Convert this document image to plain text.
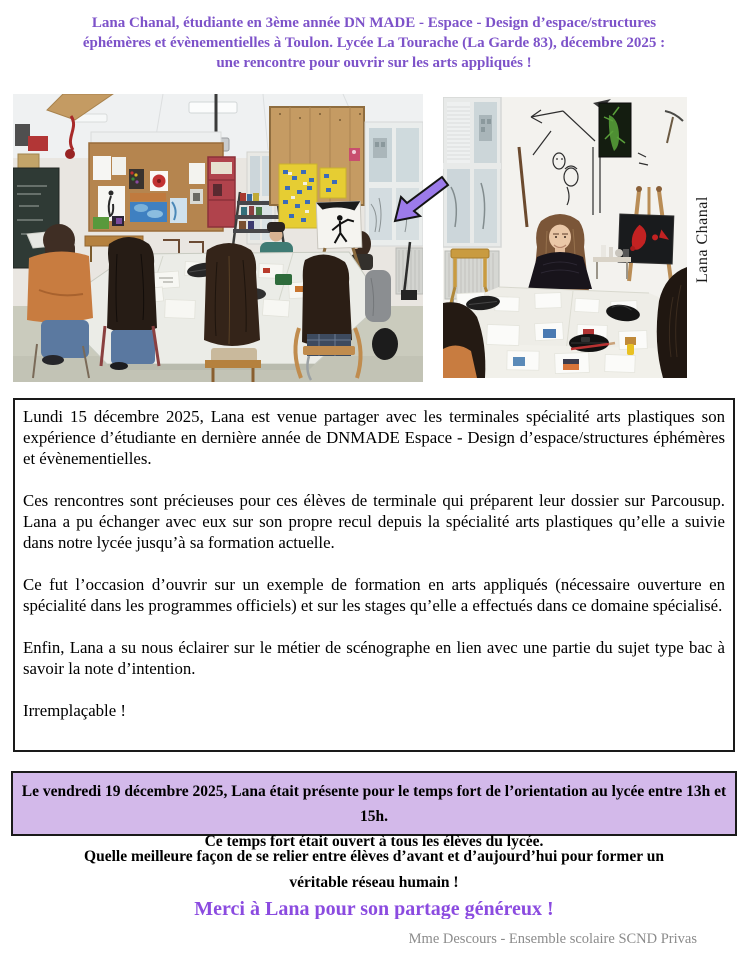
Lana Chanal, étudiante en 3ème année DN MADE - Espace - Design d’espace/structures
éphémères et évènementielles à Toulon. Lycée La Tourache (La Garde 83), décembre 2025 :
une rencontre pour ouvrir sur les arts appliqués !
Lana Chanal

Lundi 15 décembre 2025, Lana est venue partager avec les terminales spécialité arts plastiques son expérience d’étudiante en dernière année de DNMADE Espace - Design d’espace/structures éphémères et évènementielles.

Ces rencontres sont précieuses pour ces élèves de terminale qui préparent leur dossier sur Parcousup. Lana a pu échanger avec eux sur son propre recul depuis la spécialité arts plastiques qu’elle a suivie dans notre lycée jusqu’à sa formation actuelle.

Ce fut l’occasion d’ouvrir sur un exemple de formation en arts appliqués (nécessaire ouverture en spécialité dans les programmes officiels) et sur les stages qu’elle a effectués dans ce domaine spécialisé.

Enfin, Lana a su nous éclairer sur le métier de scénographe en lien avec une partie du sujet type bac à savoir la note d’intention.

Irremplaçable !

Le vendredi 19 décembre 2025, Lana était présente pour le temps fort de l’orientation au lycée entre 13h et 15h.
Ce temps fort était ouvert à tous les élèves du lycée.
Quelle meilleure façon de se relier entre élèves d’avant et d’aujourd’hui pour former un
véritable réseau humain !
Merci à Lana pour son partage généreux !
Mme Descours - Ensemble scolaire SCND Privas
